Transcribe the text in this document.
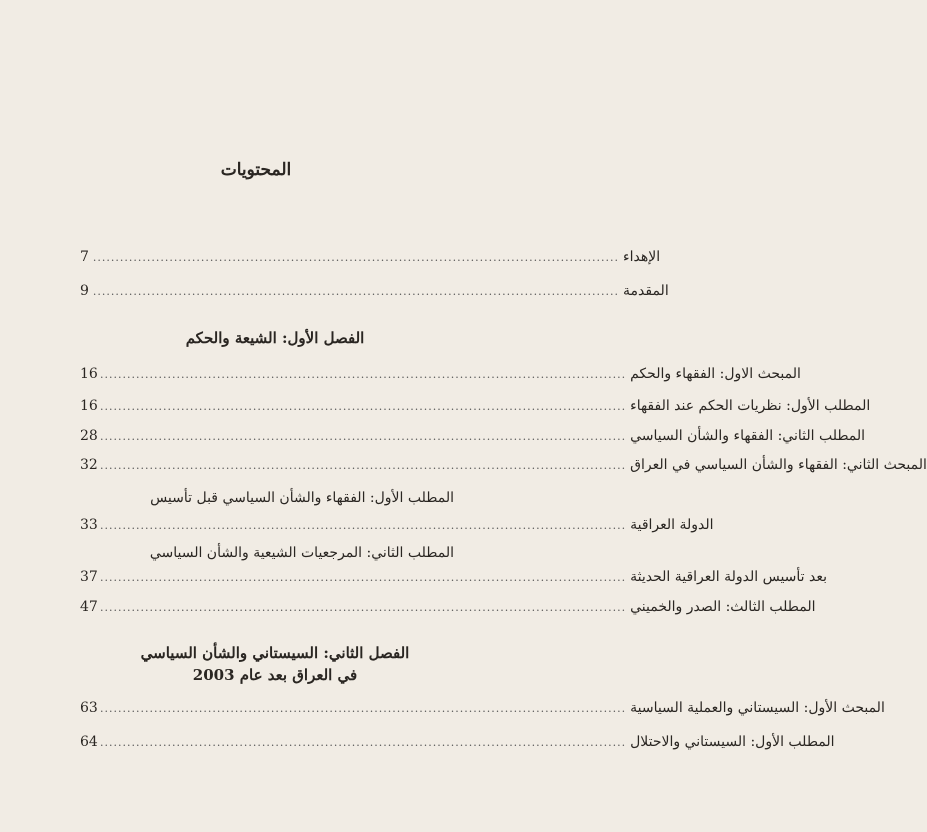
المحتويات
7 ..................................................................................................................... الإهداء
9 ..................................................................................................................... المقدمة
الفصل الأول: الشيعة والحكم
16 ..................................................................................................................... المبحث الاول: الفقهاء والحكم
16 ..................................................................................................................... المطلب الأول: نظريات الحكم عند الفقهاء
28 ..................................................................................................................... المطلب الثاني: الفقهاء والشأن السياسي
32 ..................................................................................................................... المبحث الثاني: الفقهاء والشأن السياسي في العراق
المطلب الأول: الفقهاء والشأن السياسي قبل تأسيس
33 ..................................................................................................................... الدولة العراقية
المطلب الثاني: المرجعيات الشيعية والشأن السياسي
37 ..................................................................................................................... بعد تأسيس الدولة العراقية الحديثة
47 ..................................................................................................................... المطلب الثالث: الصدر والخميني
الفصل الثاني: السيستاني والشأن السياسي
في العراق بعد عام 2003
63 ..................................................................................................................... المبحث الأول: السيستاني والعملية السياسية
64 ..................................................................................................................... المطلب الأول: السيستاني والاحتلال
